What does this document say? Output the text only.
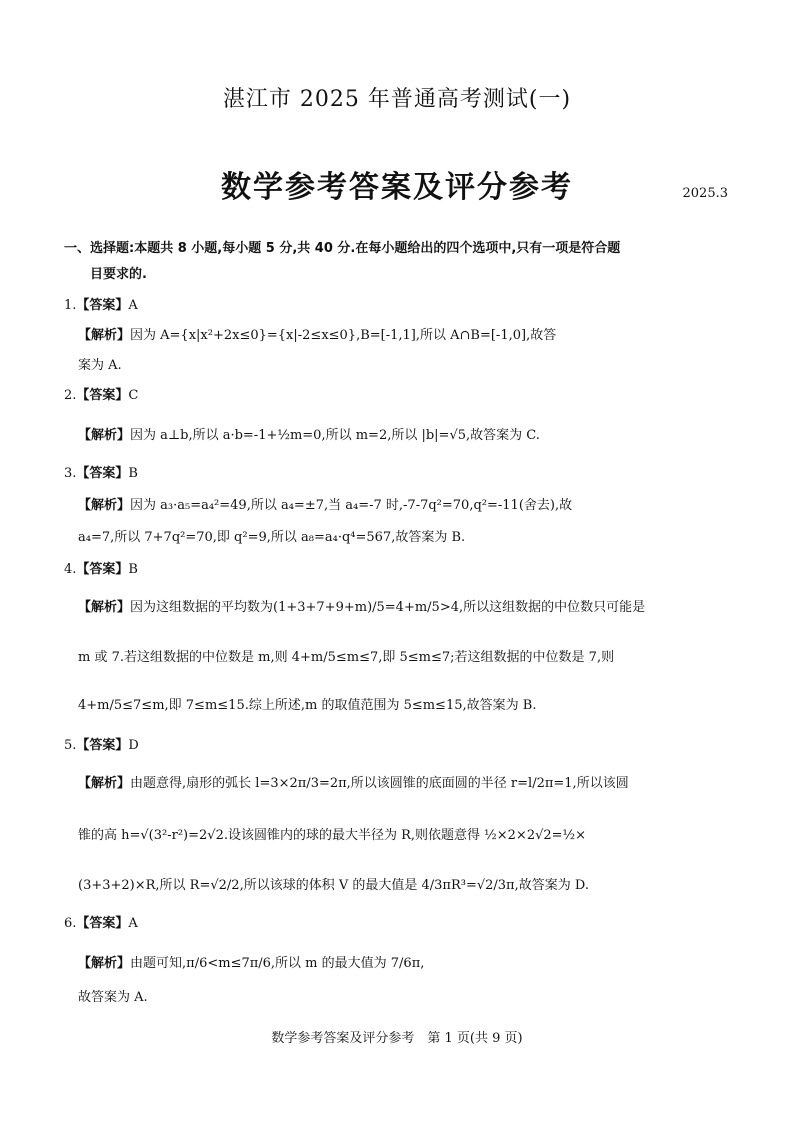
湛江市 2025 年普通高考测试(一)
数学参考答案及评分参考	2025.3
一、选择题:本题共 8 小题,每小题 5 分,共 40 分.在每小题给出的四个选项中,只有一项是符合题
目要求的.
1.【答案】A
【解析】因为 A={x|x²+2x≤0}={x|-2≤x≤0},B=[-1,1],所以 A∩B=[-1,0],故答
案为 A.
2.【答案】C
【解析】因为 a⊥b,所以 a·b=-1+½m=0,所以 m=2,所以 |b|=√5,故答案为 C.
3.【答案】B
【解析】因为 a₃·a₅=a₄²=49,所以 a₄=±7,当 a₄=-7 时,-7-7q²=70,q²=-11(舍去),故
a₄=7,所以 7+7q²=70,即 q²=9,所以 a₈=a₄·q⁴=567,故答案为 B.
4.【答案】B
【解析】因为这组数据的平均数为(1+3+7+9+m)/5=4+m/5>4,所以这组数据的中位数只可能是
m 或 7.若这组数据的中位数是 m,则 4+m/5≤m≤7,即 5≤m≤7;若这组数据的中位数是 7,则
4+m/5≤7≤m,即 7≤m≤15.综上所述,m 的取值范围为 5≤m≤15,故答案为 B.
5.【答案】D
【解析】由题意得,扇形的弧长 l=3×2π/3=2π,所以该圆锥的底面圆的半径 r=l/2π=1,所以该圆
锥的高 h=√(3²-r²)=2√2.设该圆锥内的球的最大半径为 R,则依题意得 ½×2×2√2=½×
(3+3+2)×R,所以 R=√2/2,所以该球的体积 V 的最大值是 4/3πR³=√2/3π,故答案为 D.
6.【答案】A
【解析】由题可知,π/6<m≤7π/6,所以 m 的最大值为 7/6π,
故答案为 A.
数学参考答案及评分参考　第 1 页(共 9 页)
